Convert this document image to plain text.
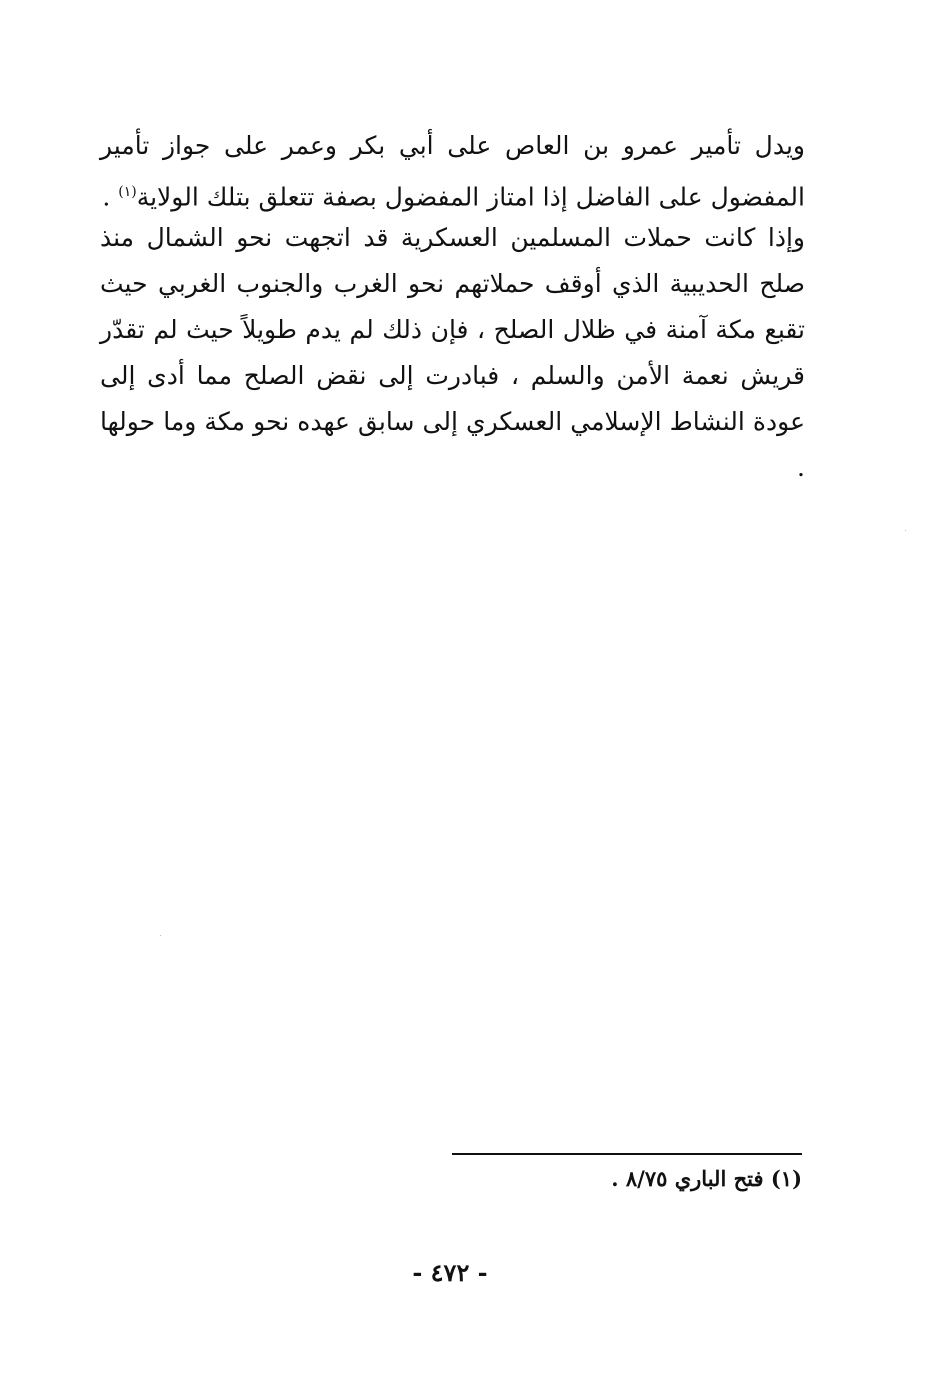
ويدل تأمير عمرو بن العاص على أبي بكر وعمر على جواز تأمير المفضول على الفاضل إذا امتاز المفضول بصفة تتعلق بتلك الولاية$^{(١)}$ .

وإذا كانت حملات المسلمين العسكرية قد اتجهت نحو الشمال منذ صلح الحديبية الذي أوقف حملاتهم نحو الغرب والجنوب الغربي حيث تقبع مكة آمنة في ظلال الصلح ، فإن ذلك لم يدم طويلاً حيث لم تقدّر قريش نعمة الأمن والسلم ، فبادرت إلى نقض الصلح مما أدى إلى عودة النشاط الإسلامي العسكري إلى سابق عهده نحو مكة وما حولها .

(١) فتح الباري ٨/٧٥ .

- ٤٧٢ -
